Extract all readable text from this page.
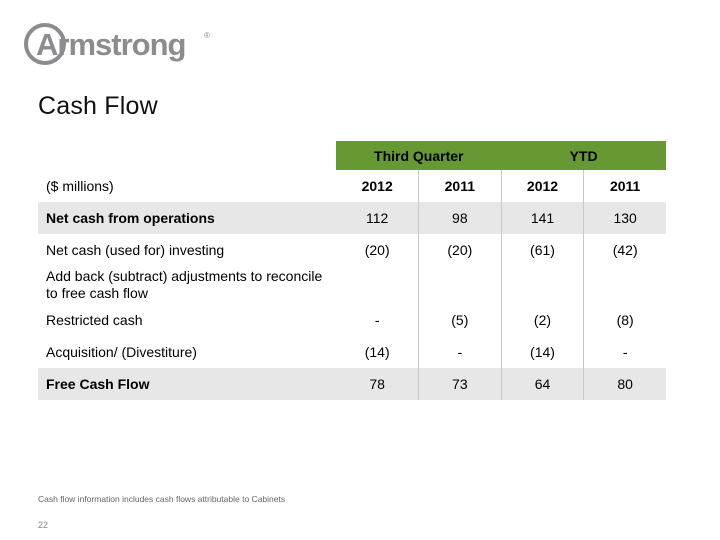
Armstrong ®
Cash Flow
	Third Quarter		YTD	
($ millions)	2012	2011	2012	2011
Net cash from operations	112	98	141	130
Net cash (used for) investing	(20)	(20)	(61)	(42)
Add back (subtract) adjustments to reconcile to free cash flow				
Restricted cash	-	(5)	(2)	(8)
Acquisition/ (Divestiture)	(14)	-	(14)	-
Free Cash Flow	78	73	64	80
Cash flow information includes cash flows attributable to Cabinets
22
